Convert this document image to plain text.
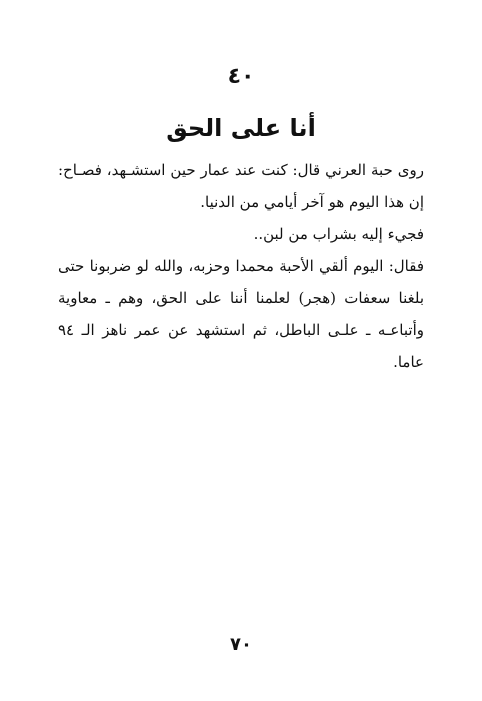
٤٠
أنا على الحق

روى حبة العرني قال: كنت عند عمار حين استشـهد، فصـاح: إن هذا اليوم هو آخر أيامي من الدنيا.

فجيء إليه بشراب من لبن..

فقال: اليوم ألقي الأحبة محمدا وحزبه، والله لو ضربونا حتى بلغنا سعفات (هجر) لعلمنا أننا على الحق، وهم ـ معاوية وأتباعـه ـ علـى الباطل، ثم استشهد عن عمر ناهز الـ ٩٤ عاما.

٧٠
